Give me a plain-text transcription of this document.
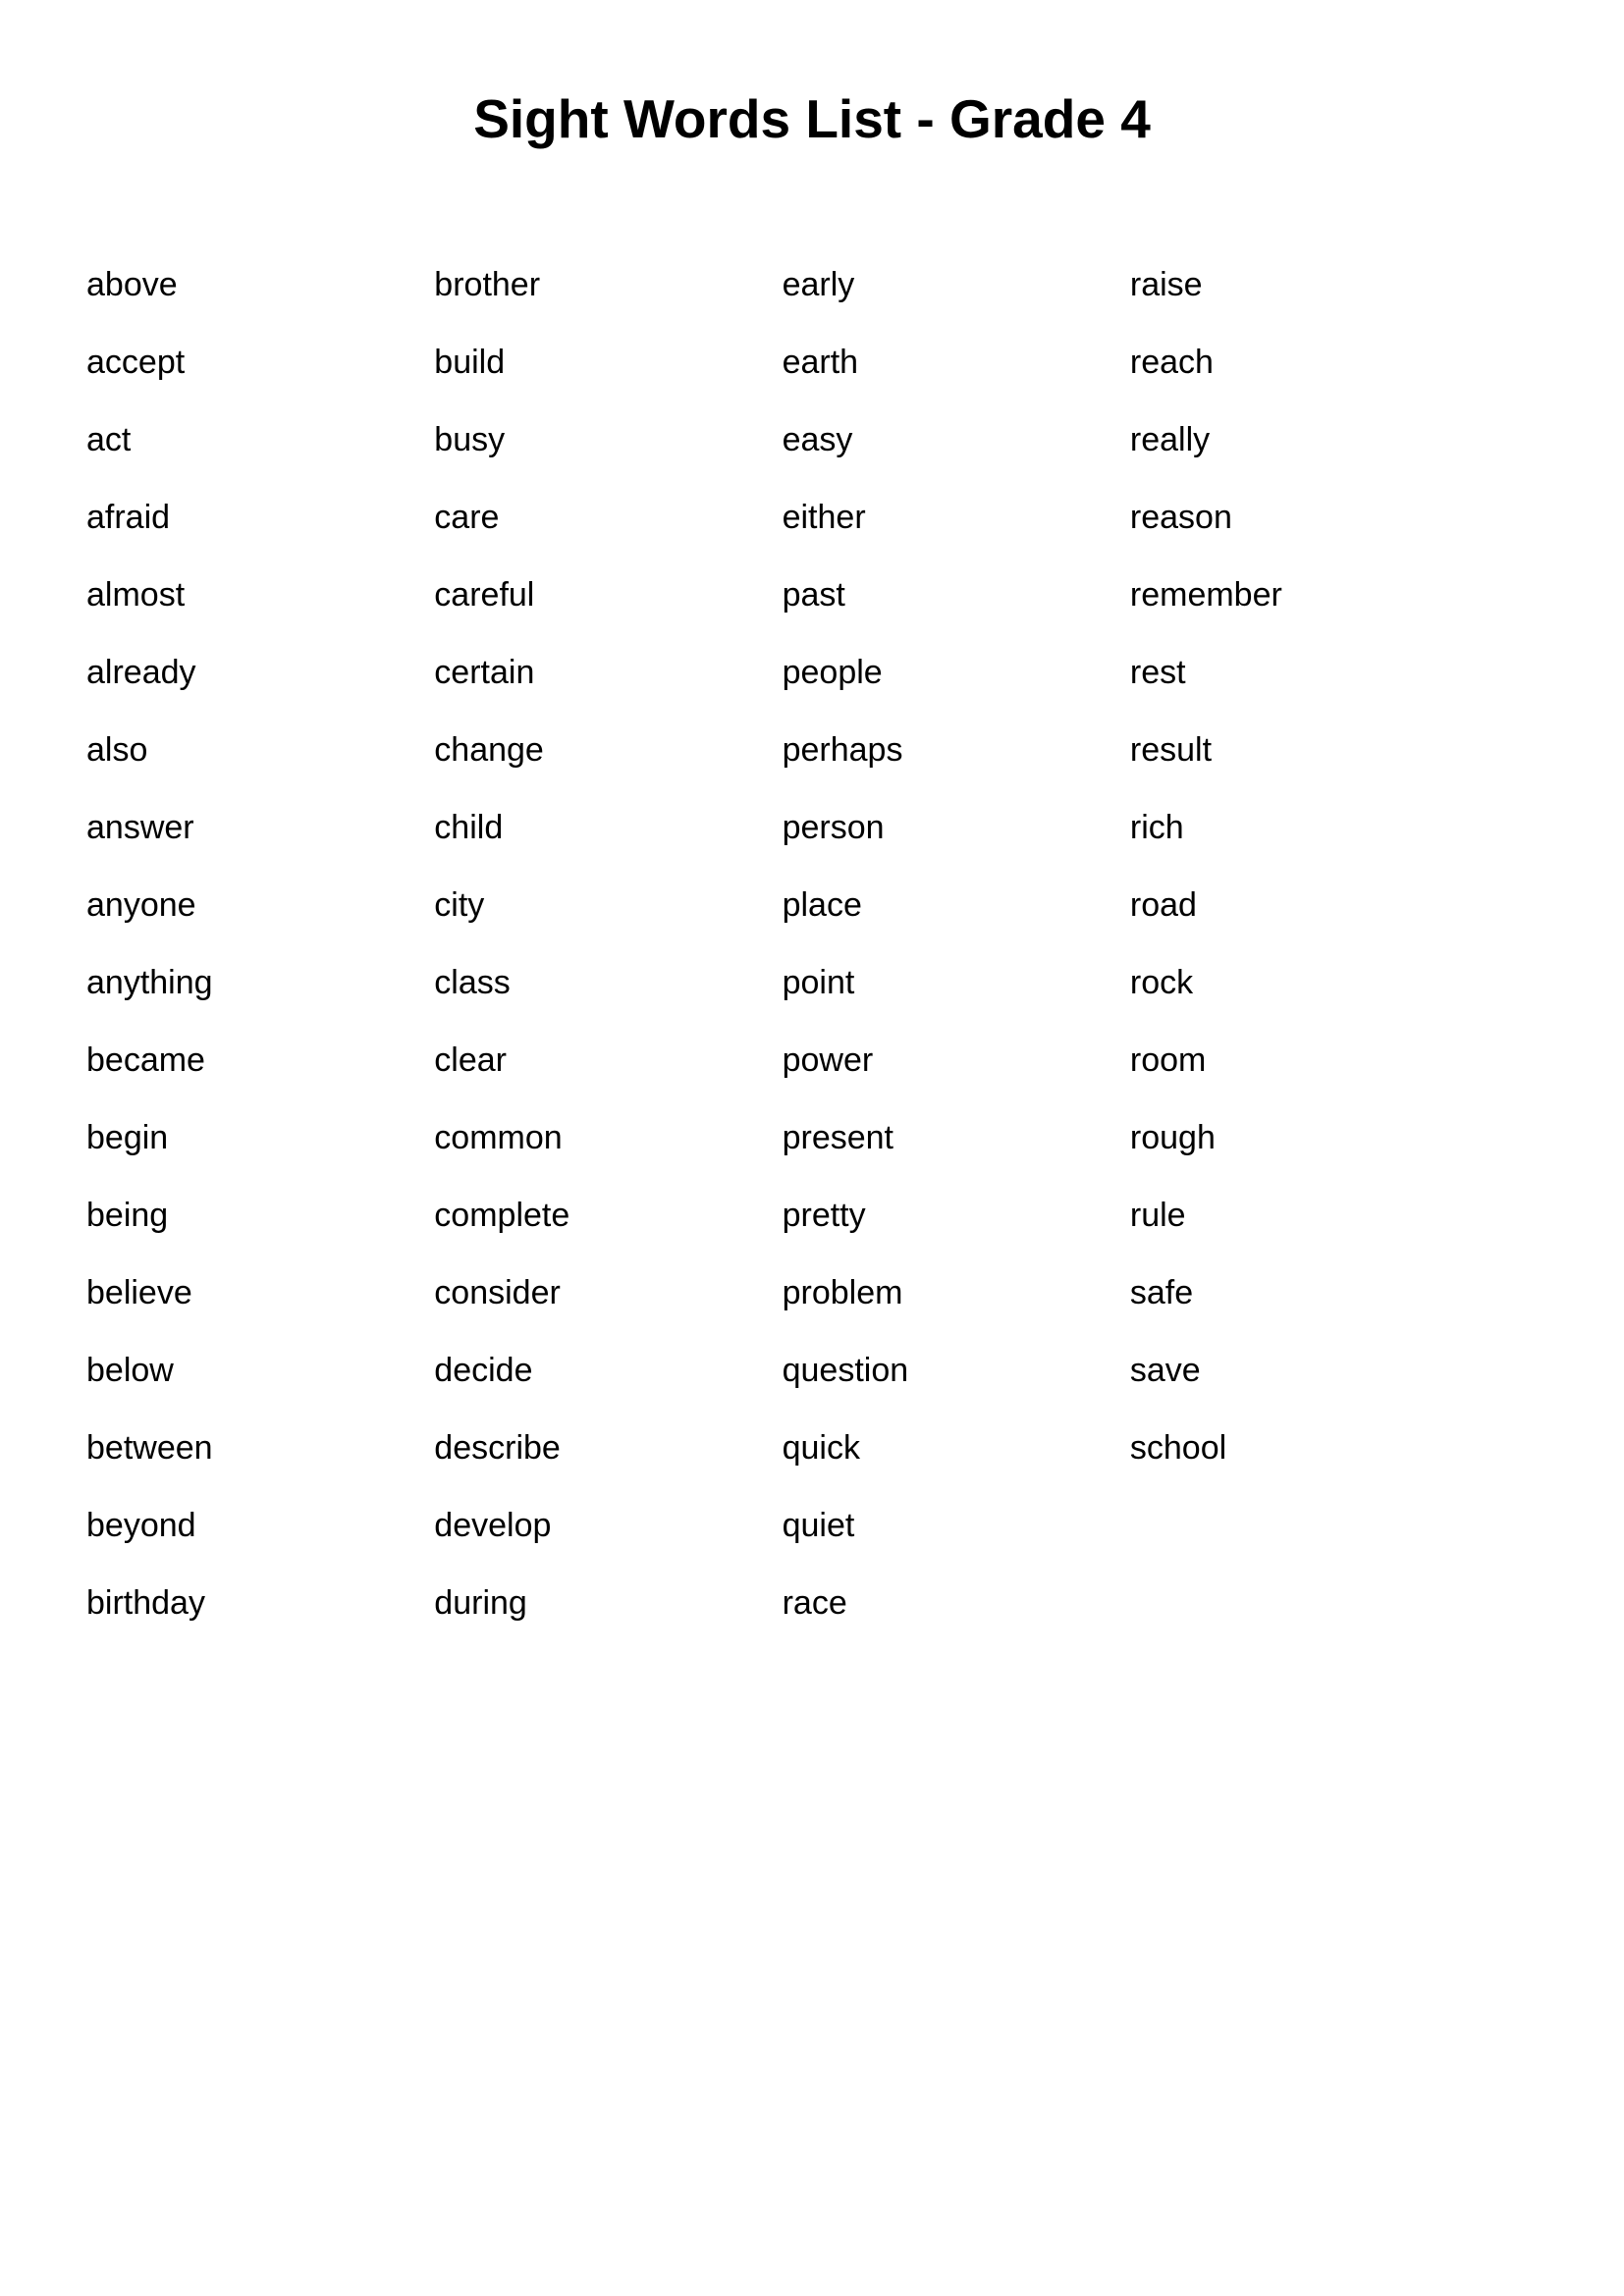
Sight Words List - Grade 4
above
accept
act
afraid
almost
already
also
answer
anyone
anything
became
begin
being
believe
below
between
beyond
birthday
brother
build
busy
care
careful
certain
change
child
city
class
clear
common
complete
consider
decide
describe
develop
during
early
earth
easy
either
past
people
perhaps
person
place
point
power
present
pretty
problem
question
quick
quiet
race
raise
reach
really
reason
remember
rest
result
rich
road
rock
room
rough
rule
safe
save
school
